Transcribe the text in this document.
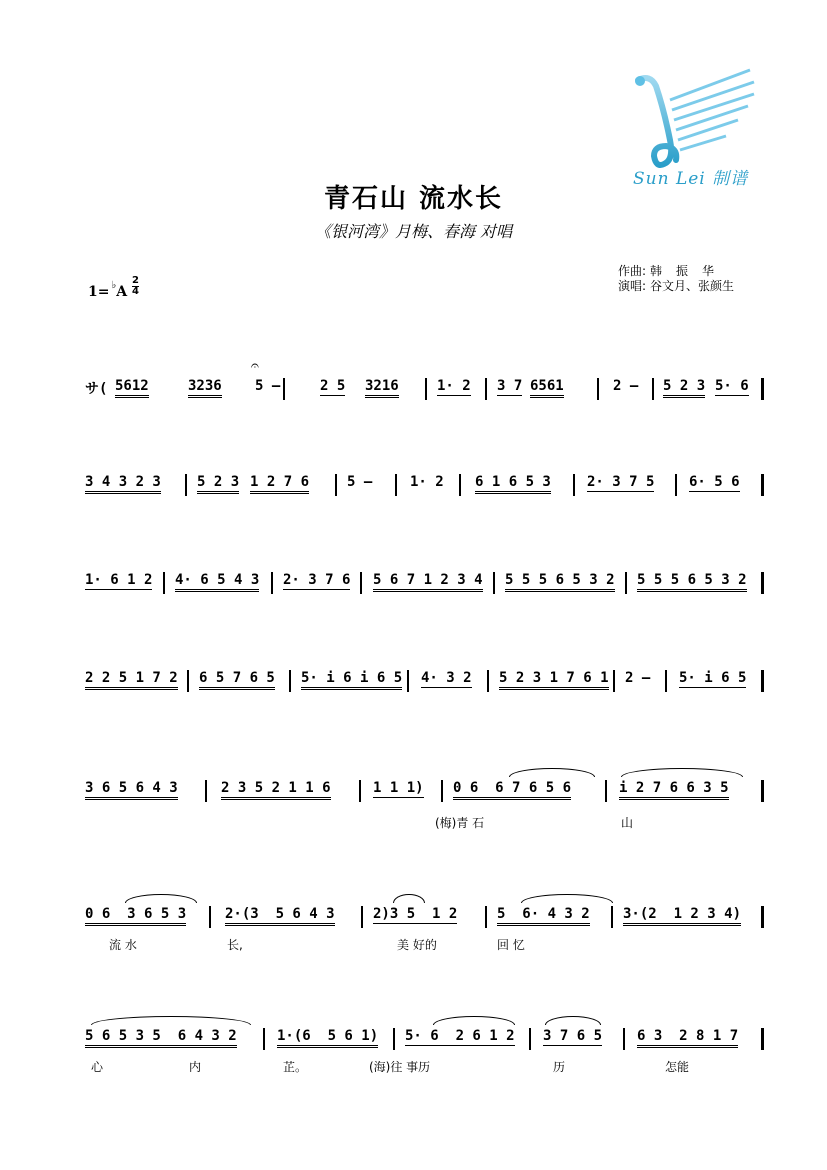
Sun Lei 制谱
青石山 流水长
《银河湾》月梅、春海 对唱
作曲: 韩振华
演唱: 谷文月、张颜生
1= ♭A
2
4
サ( 5612	3236
𝄐
5 —	2 5 3216	1· 2 3 7 6561	2 — 5 2 3 5· 6
3 4 3 2 3	5 2 3 1 2 7 6	5 —	1· 2 6 1 6 5 3	2· 3 7 5 6· 5 6
1· 6 1 2 4· 6 5 4 3 2· 3 7 6 5 6 7 1 2 3 4 5 5 5 6 5 3 2 5 5 5 6 5 3 2
2 2 5 1 7 2 6 5 7 6 5 5· i 6 i 6 5 4· 3 2 5 2 3 1 7 6 1 2 — 5· i 6 5
3 6 5 6 4 3	2 3 5 2 1 1 6	1 1 1) 0 6  6 7 6 5 6	i 2 7 6 6 3 5
(梅)青 石	山
0 6  3 6 5 3	2·(3  5 6 4 3	2)3 5  1 2	5  6· 4 3 2 3·(2  1 2 3 4)
流 水	长,	美 好的	回 忆
5 6 5 3 5  6 4 3 2	1·(6  5 6 1) 5· 6  2 6 1 2 3 7 6 5 6 3  2 8 1 7
心	内	芷。	(海)往 事历	历	怎能
